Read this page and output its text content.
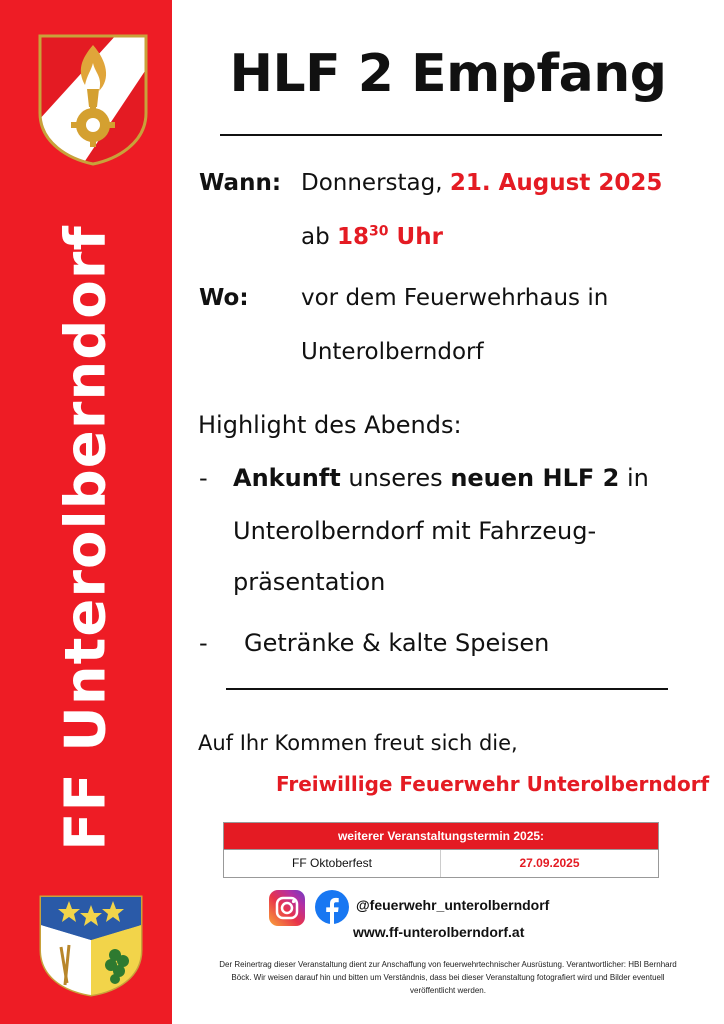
FF Unterolberndorf
HLF 2 Empfang
Wann: Donnerstag, 21. August 2025
ab $18^{30}$ Uhr
Wo: vor dem Feuerwehrhaus in
Unterolberndorf
Highlight des Abends:
- Ankunft unseres neuen HLF 2 in
Unterolberndorf mit Fahrzeug-
präsentation
- Getränke & kalte Speisen
Auf Ihr Kommen freut sich die,
Freiwillige Feuerwehr Unterolberndorf
weiterer Veranstaltungstermin 2025:
FF Oktoberfest	27.09.2025
@feuerwehr_unterolberndorf
www.ff-unterolberndorf.at
Der Reinertrag dieser Veranstaltung dient zur Anschaffung von feuerwehrtechnischer Ausrüstung. Verantwortlicher: HBI Bernhard
Böck. Wir weisen darauf hin und bitten um Verständnis, dass bei dieser Veranstaltung fotografiert wird und Bilder eventuell
veröffentlicht werden.
